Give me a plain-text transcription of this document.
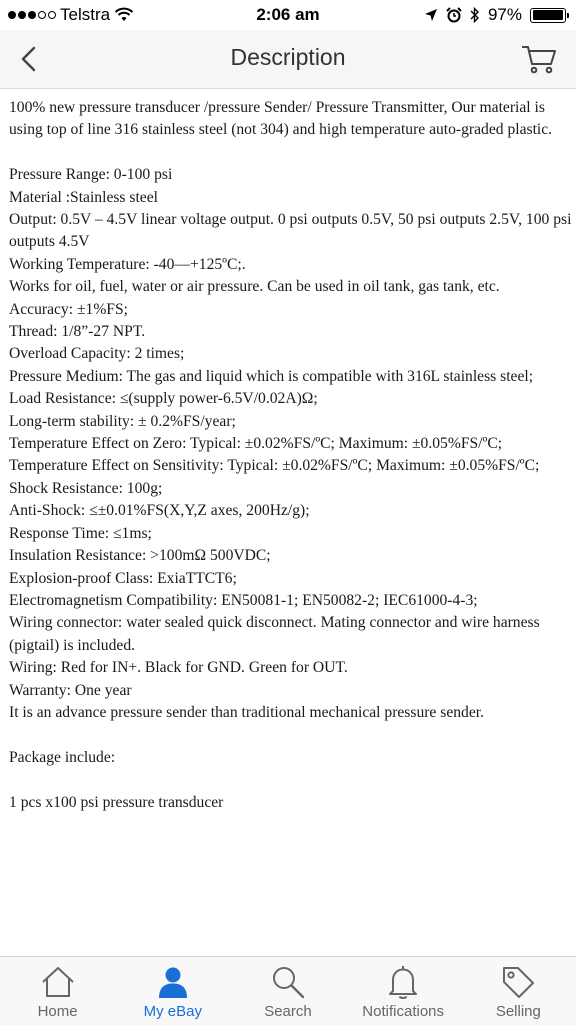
Telstra	2:06 am	97%
Description

100% new pressure transducer /pressure Sender/ Pressure Transmitter, Our material is using top of line 316 stainless steel (not 304) and high temperature auto-graded plastic.

Pressure Range: 0-100 psi

Material :Stainless steel

Output: 0.5V – 4.5V linear voltage output. 0 psi outputs 0.5V, 50 psi outputs 2.5V, 100 psi outputs 4.5V

Working Temperature: -40—+125ºC;.

Works for oil, fuel, water or air pressure. Can be used in oil tank, gas tank, etc.

Accuracy: ±1%FS;

Thread: 1/8”-27 NPT.

Overload Capacity: 2 times;

Pressure Medium: The gas and liquid which is compatible with 316L stainless steel;

Load Resistance: ≤(supply power-6.5V/0.02A)Ω;

Long-term stability: ± 0.2%FS/year;

Temperature Effect on Zero: Typical: ±0.02%FS/ºC; Maximum: ±0.05%FS/ºC;

Temperature Effect on Sensitivity: Typical: ±0.02%FS/ºC; Maximum: ±0.05%FS/ºC;

Shock Resistance: 100g;

Anti-Shock: ≤±0.01%FS(X,Y,Z axes, 200Hz/g);

Response Time: ≤1ms;

Insulation Resistance: >100mΩ 500VDC;

Explosion-proof Class: ExiaTTCT6;

Electromagnetism Compatibility: EN50081-1; EN50082-2; IEC61000-4-3;

Wiring connector: water sealed quick disconnect. Mating connector and wire harness (pigtail) is included.

Wiring: Red for IN+. Black for GND. Green for OUT.

Warranty: One year

It is an advance pressure sender than traditional mechanical pressure sender.

Package include:

1 pcs x100 psi pressure transducer

Home	My eBay	Search	Notifications	Selling
